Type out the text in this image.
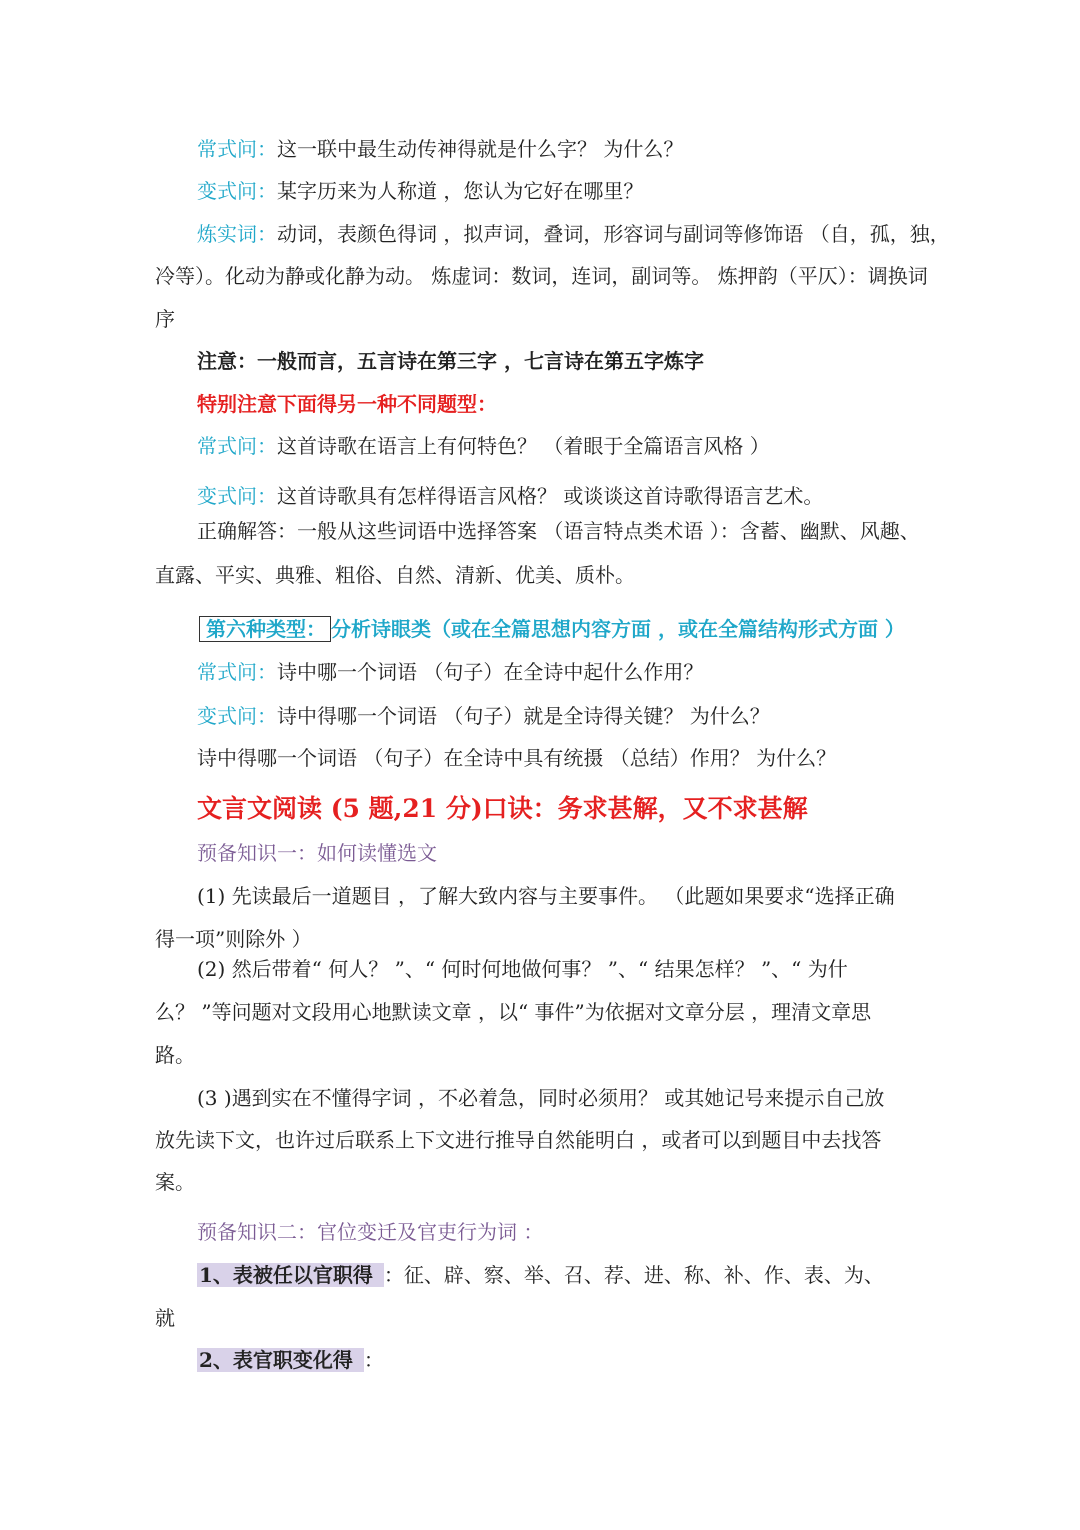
常式问：这一联中最生动传神得就是什么字？ 为什么？
变式问：某字历来为人称道 ，您认为它好在哪里？
炼实词：动词，表颜色得词 ，拟声词，叠词，形容词与副词等修饰语 （自，孤，独，
冷等）。化动为静或化静为动。 炼虚词：数词，连词，副词等。 炼押韵（平仄）：调换词
序
注意：一般而言，五言诗在第三字 ，七言诗在第五字炼字
特别注意下面得另一种不同题型：
常式问：这首诗歌在语言上有何特色？ （着眼于全篇语言风格 ）
变式问：这首诗歌具有怎样得语言风格？ 或谈谈这首诗歌得语言艺术。
正确解答：一般从这些词语中选择答案 （语言特点类术语 ）：含蓄、幽默、风趣、
直露、平实、典雅、粗俗、自然、清新、优美、质朴。
第六种类型： 分析诗眼类（或在全篇思想内容方面 ，或在全篇结构形式方面 ）
常式问：诗中哪一个词语 （句子）在全诗中起什么作用？
变式问：诗中得哪一个词语 （句子）就是全诗得关键？ 为什么？
诗中得哪一个词语 （句子）在全诗中具有统摄 （总结）作用？ 为什么？
文言文阅读 (5 题,21 分)口诀：务求甚解，又不求甚解
预备知识一：如何读懂选文
(1) 先读最后一道题目 ，了解大致内容与主要事件。 （此题如果要求“选择正确
得一项”则除外 ）
(2) 然后带着“ 何人？ ”、“ 何时何地做何事？ ”、“ 结果怎样？ ”、“ 为什
么？ ”等问题对文段用心地默读文章 ，以“ 事件”为依据对文章分层 ，理清文章思
路。
(3 )遇到实在不懂得字词 ，不必着急，同时必须用？ 或其她记号来提示自己放
放先读下文，也许过后联系上下文进行推导自然能明白 ，或者可以到题目中去找答
案。
预备知识二：官位变迁及官吏行为词 ：
1、表被任以官职得 ：征、辟、察、举、召、荐、进、称、补、作、表、为、
就
2、表官职变化得 ：
